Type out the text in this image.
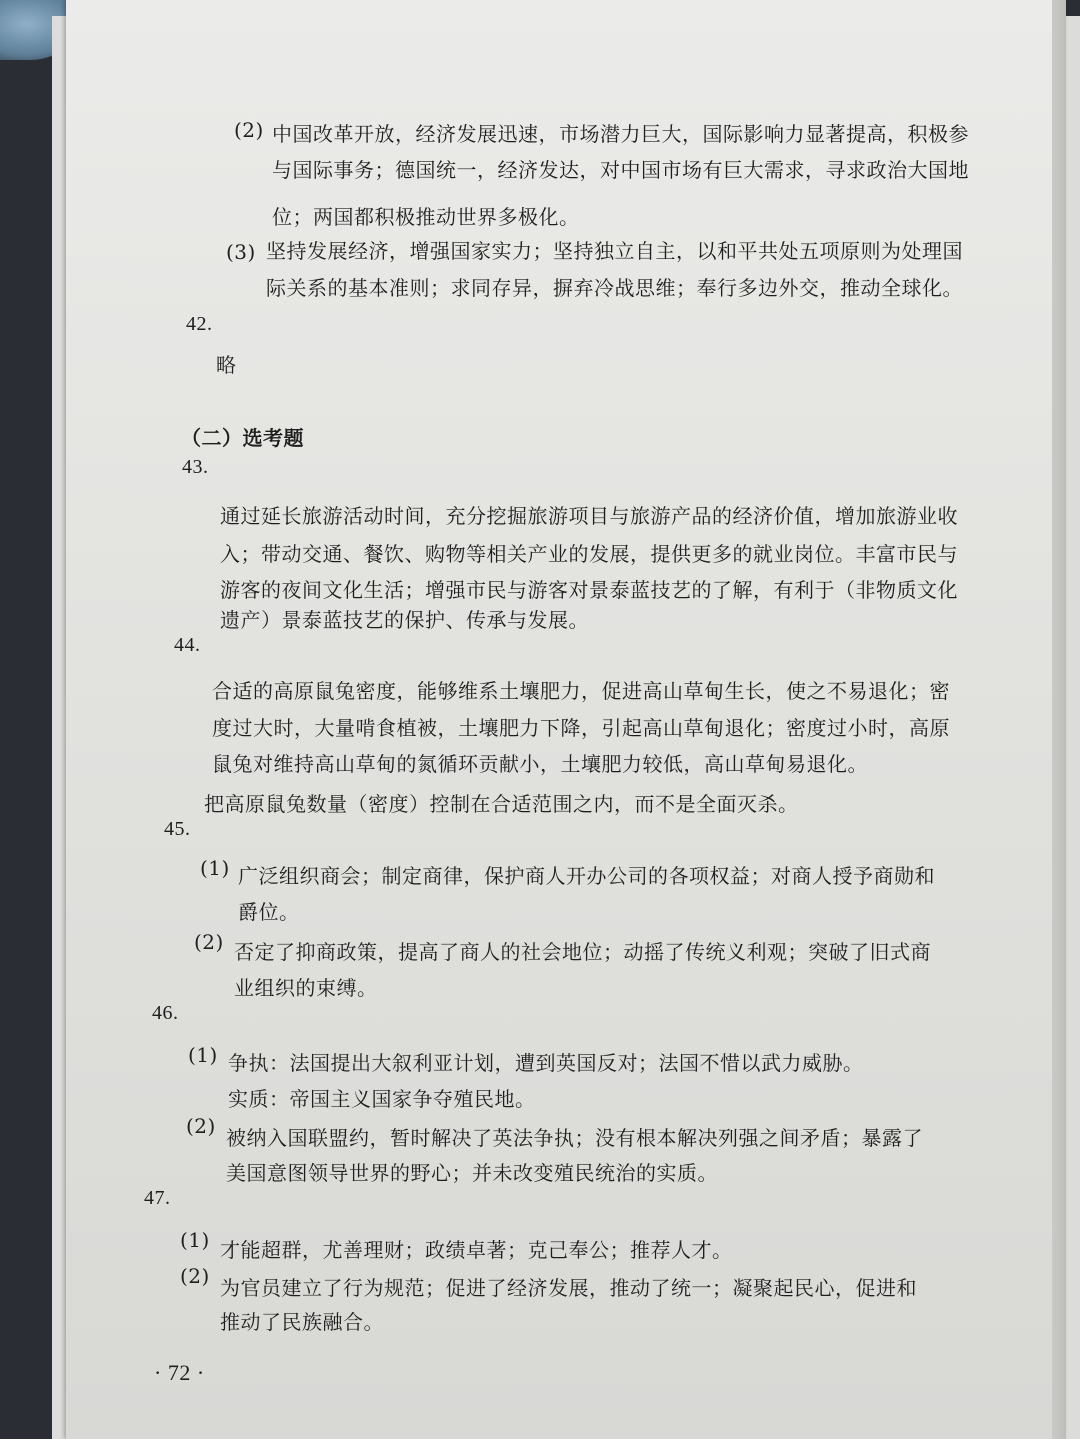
(2) 中国改革开放，经济发展迅速，市场潜力巨大，国际影响力显著提高，积极参
与国际事务；德国统一，经济发达，对中国市场有巨大需求，寻求政治大国地
位；两国都积极推动世界多极化。
(3) 坚持发展经济，增强国家实力；坚持独立自主，以和平共处五项原则为处理国
际关系的基本准则；求同存异，摒弃冷战思维；奉行多边外交，推动全球化。
42.
略
（二）选考题
43.
通过延长旅游活动时间，充分挖掘旅游项目与旅游产品的经济价值，增加旅游业收
入；带动交通、餐饮、购物等相关产业的发展，提供更多的就业岗位。丰富市民与
游客的夜间文化生活；增强市民与游客对景泰蓝技艺的了解，有利于（非物质文化
遗产）景泰蓝技艺的保护、传承与发展。
44.
合适的高原鼠兔密度，能够维系土壤肥力，促进高山草甸生长，使之不易退化；密
度过大时，大量啃食植被，土壤肥力下降，引起高山草甸退化；密度过小时，高原
鼠兔对维持高山草甸的氮循环贡献小，土壤肥力较低，高山草甸易退化。
把高原鼠兔数量（密度）控制在合适范围之内，而不是全面灭杀。
45.
(1) 广泛组织商会；制定商律，保护商人开办公司的各项权益；对商人授予商勋和
爵位。
(2) 否定了抑商政策，提高了商人的社会地位；动摇了传统义利观；突破了旧式商
业组织的束缚。
46.
(1) 争执：法国提出大叙利亚计划，遭到英国反对；法国不惜以武力威胁。
实质：帝国主义国家争夺殖民地。
(2) 被纳入国联盟约，暂时解决了英法争执；没有根本解决列强之间矛盾；暴露了
美国意图领导世界的野心；并未改变殖民统治的实质。
47.
(1) 才能超群，尤善理财；政绩卓著；克己奉公；推荐人才。
(2) 为官员建立了行为规范；促进了经济发展，推动了统一；凝聚起民心，促进和
推动了民族融合。
· 72 ·
